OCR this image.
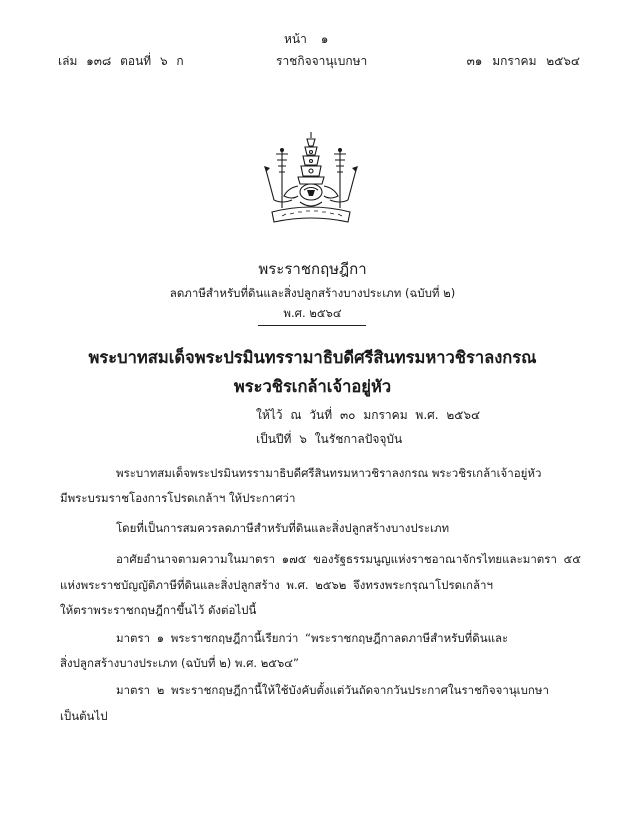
หน้า ๑
เล่ม ๑๓๘ ตอนที่ ๖ ก	ราชกิจจานุเบกษา	๓๑ มกราคม ๒๕๖๔
พระราชกฤษฎีกา
ลดภาษีสำหรับที่ดินและสิ่งปลูกสร้างบางประเภท (ฉบับที่ ๒)
พ.ศ. ๒๕๖๔
พระบาทสมเด็จพระปรมินทรรามาธิบดีศรีสินทรมหาวชิราลงกรณ
พระวชิรเกล้าเจ้าอยู่หัว
ให้ไว้ ณ วันที่ ๓๐ มกราคม พ.ศ. ๒๕๖๔
เป็นปีที่ ๖ ในรัชกาลปัจจุบัน
พระบาทสมเด็จพระปรมินทรรามาธิบดีศรีสินทรมหาวชิราลงกรณ พระวชิรเกล้าเจ้าอยู่หัว
มีพระบรมราชโองการโปรดเกล้าฯ ให้ประกาศว่า
โดยที่เป็นการสมควรลดภาษีสำหรับที่ดินและสิ่งปลูกสร้างบางประเภท
อาศัยอำนาจตามความในมาตรา ๑๗๕ ของรัฐธรรมนูญแห่งราชอาณาจักรไทยและมาตรา ๕๕
แห่งพระราชบัญญัติภาษีที่ดินและสิ่งปลูกสร้าง พ.ศ. ๒๕๖๒ จึงทรงพระกรุณาโปรดเกล้าฯ
ให้ตราพระราชกฤษฎีกาขึ้นไว้ ดังต่อไปนี้
มาตรา ๑ พระราชกฤษฎีกานี้เรียกว่า “พระราชกฤษฎีกาลดภาษีสำหรับที่ดินและ
สิ่งปลูกสร้างบางประเภท (ฉบับที่ ๒) พ.ศ. ๒๕๖๔”
มาตรา ๒ พระราชกฤษฎีกานี้ให้ใช้บังคับตั้งแต่วันถัดจากวันประกาศในราชกิจจานุเบกษา
เป็นต้นไป
